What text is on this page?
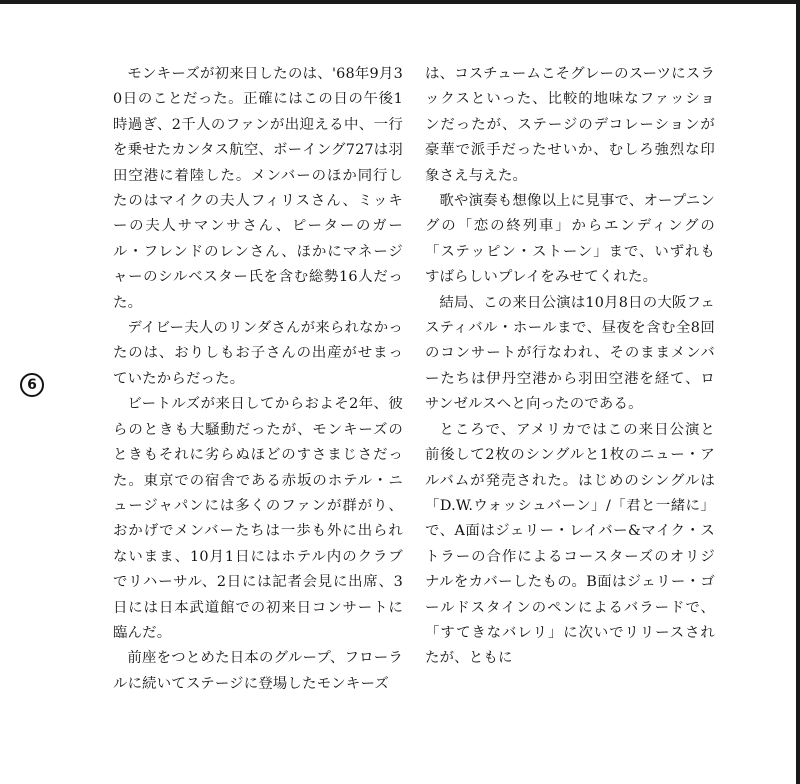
モンキーズが初来日したのは、'68年9月30日のことだった。正確にはこの日の午後1時過ぎ、2千人のファンが出迎える中、一行を乗せたカンタス航空、ボーイング727は羽田空港に着陸した。メンバーのほか同行したのはマイクの夫人フィリスさん、ミッキーの夫人サマンサさん、ピーターのガール・フレンドのレンさん、ほかにマネージャーのシルベスター氏を含む総勢16人だった。

デイビー夫人のリンダさんが来られなかったのは、おりしもお子さんの出産がせまっていたからだった。

ビートルズが来日してからおよそ2年、彼らのときも大騒動だったが、モンキーズのときもそれに劣らぬほどのすさまじさだった。東京での宿舎である赤坂のホテル・ニュージャパンには多くのファンが群がり、おかげでメンバーたちは一歩も外に出られないまま、10月1日にはホテル内のクラブでリハーサル、2日には記者会見に出席、3日には日本武道館での初来日コンサートに臨んだ。

前座をつとめた日本のグループ、フローラルに続いてステージに登場したモンキーズ

6

は、コスチュームこそグレーのスーツにスラックスといった、比較的地味なファッションだったが、ステージのデコレーションが豪華で派手だったせいか、むしろ強烈な印象さえ与えた。

歌や演奏も想像以上に見事で、オープニングの「恋の終列車」からエンディングの「ステッピン・ストーン」まで、いずれもすばらしいプレイをみせてくれた。

結局、この来日公演は10月8日の大阪フェスティバル・ホールまで、昼夜を含む全8回のコンサートが行なわれ、そのままメンバーたちは伊丹空港から羽田空港を経て、ロサンゼルスへと向ったのである。

ところで、アメリカではこの来日公演と前後して2枚のシングルと1枚のニュー・アルバムが発売された。はじめのシングルは「D.W.ウォッシュバーン」/「君と一緒に」で、A面はジェリー・レイバー&マイク・ストラーの合作によるコースターズのオリジナルをカバーしたもの。B面はジェリー・ゴールドスタインのペンによるバラードで、「すてきなバレリ」に次いでリリースされたが、ともに
